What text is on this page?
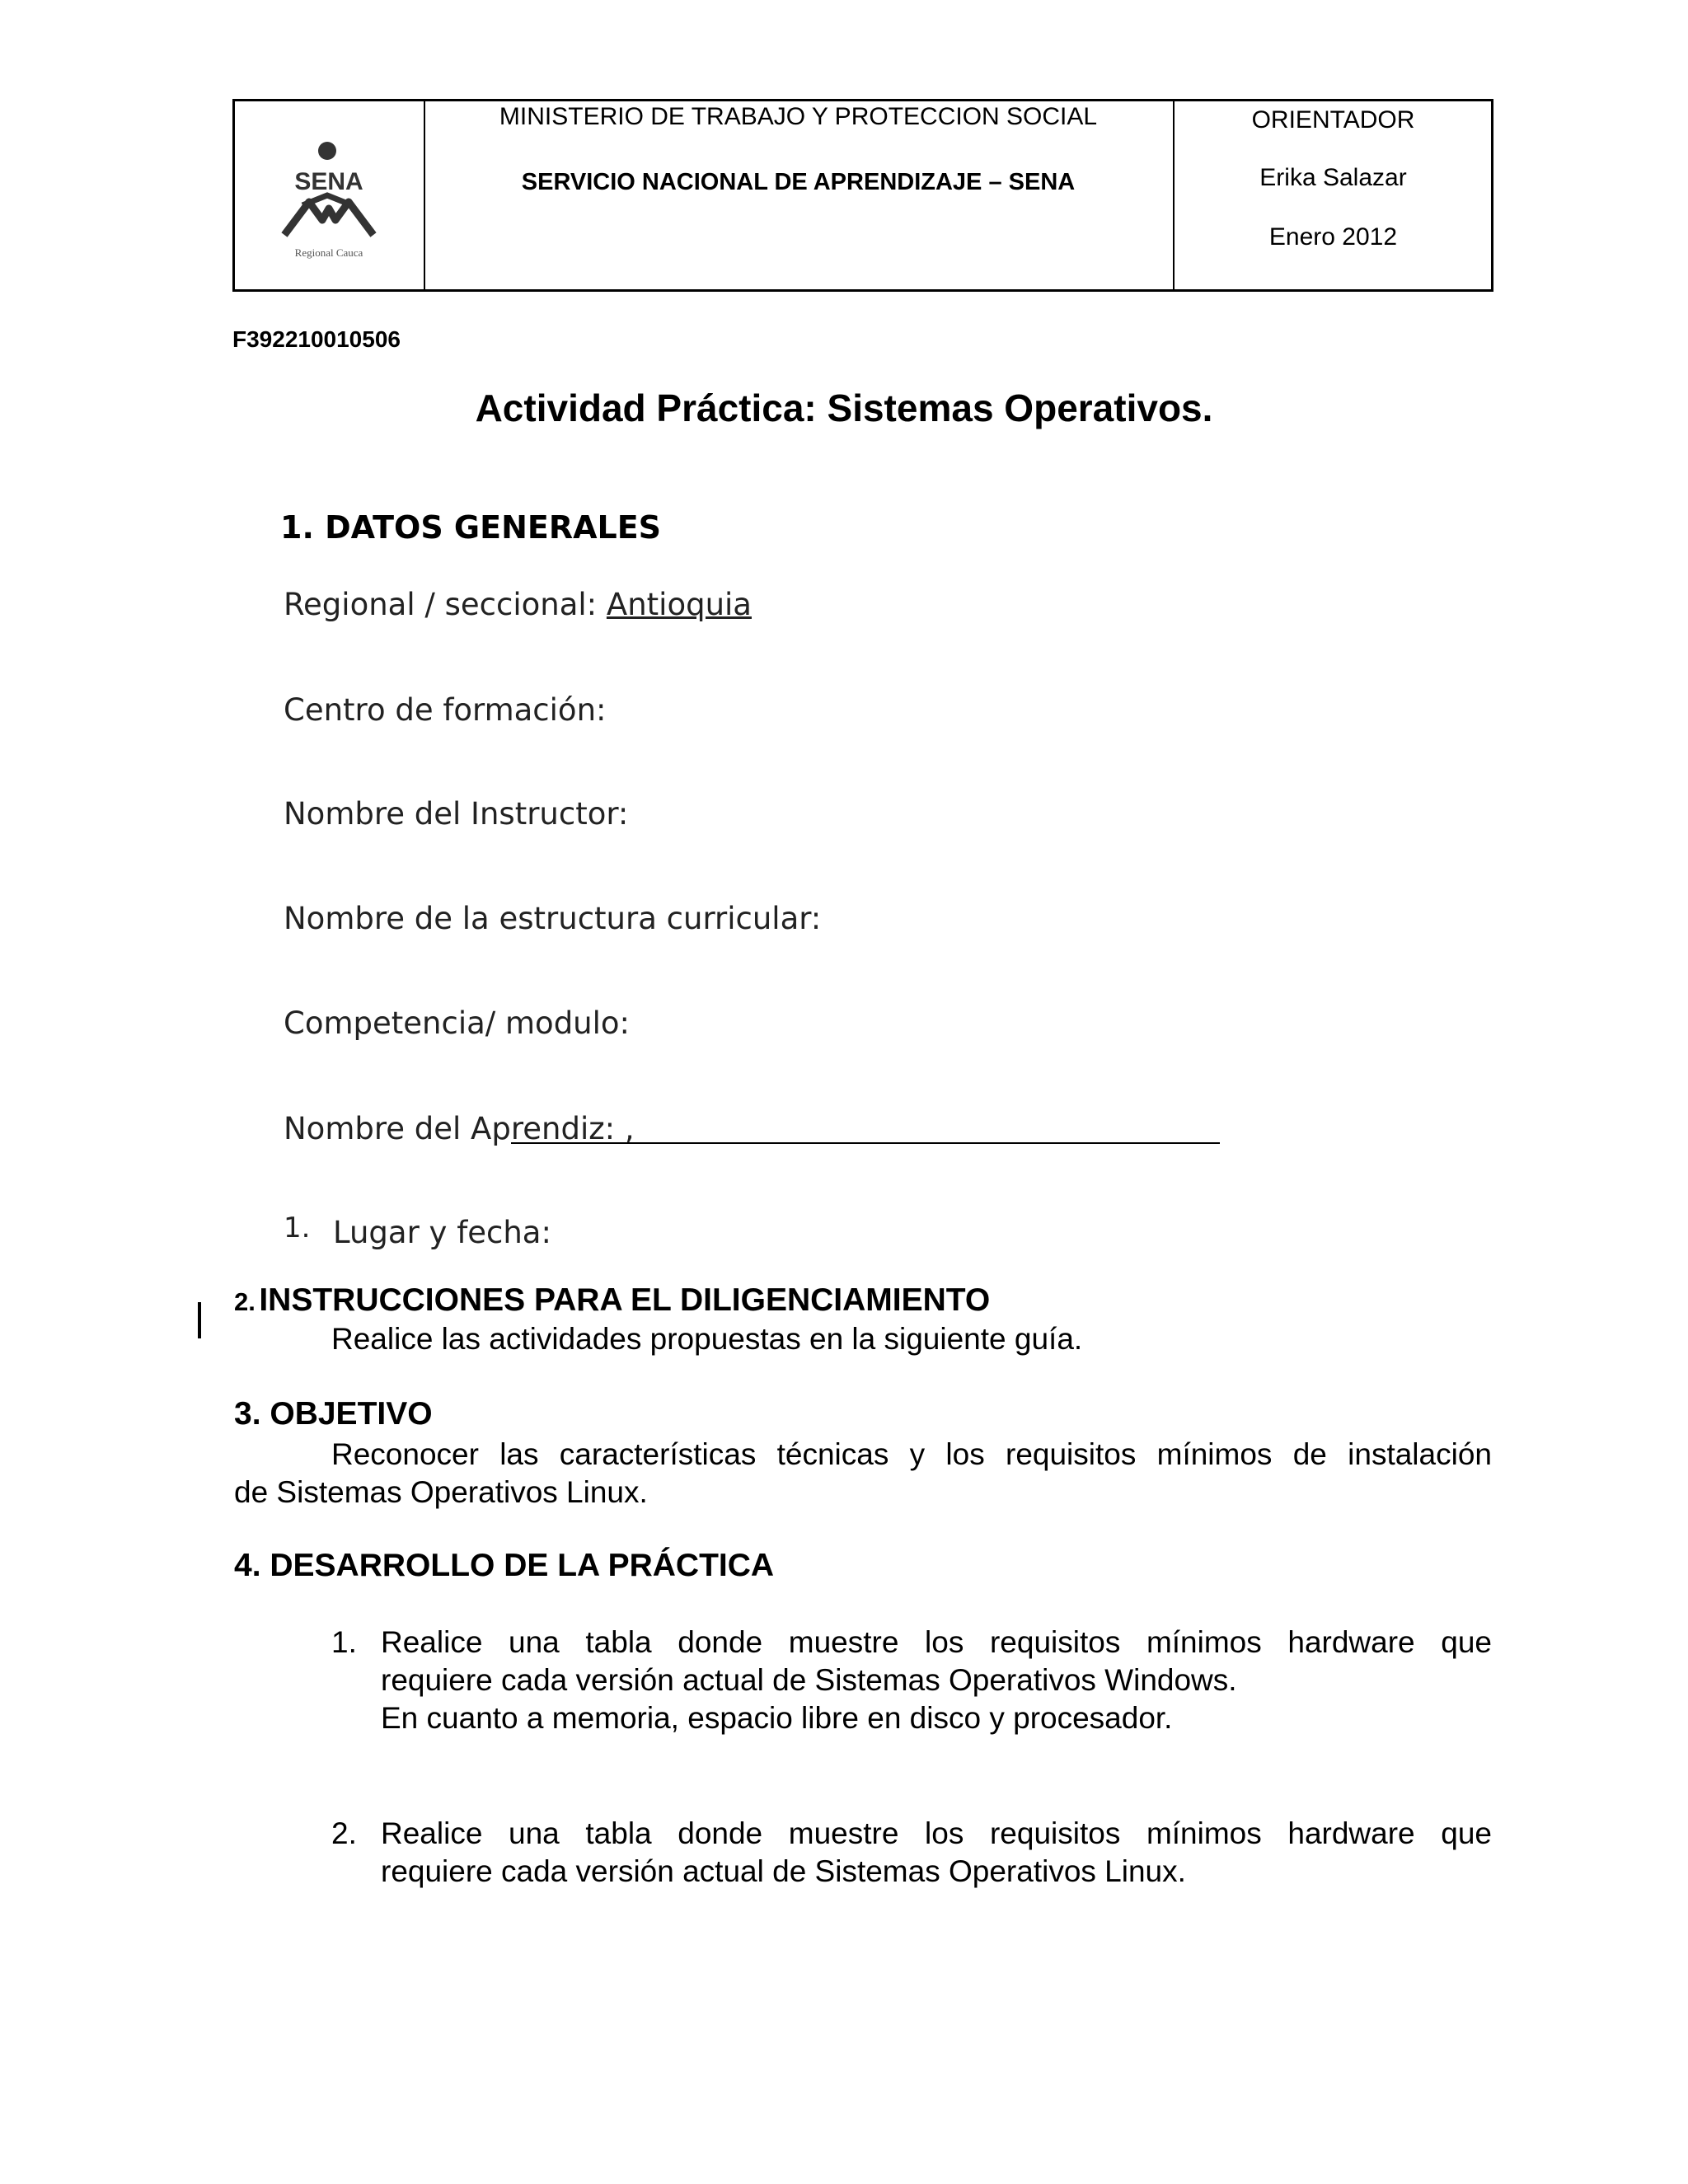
SENA
Regional Cauca
MINISTERIO DE TRABAJO Y PROTECCION SOCIAL
SERVICIO NACIONAL DE APRENDIZAJE – SENA
ORIENTADOR
Erika Salazar
Enero 2012
F392210010506
Actividad Práctica: Sistemas Operativos.
1. DATOS GENERALES
Regional / seccional: Antioquia
Centro de formación:
Nombre del Instructor:
Nombre de la estructura curricular:
Competencia/ modulo:
Nombre del Aprendiz: ,
1. Lugar y fecha:
2. INSTRUCCIONES PARA EL DILIGENCIAMIENTO
Realice las actividades propuestas en la siguiente guía.
3. OBJETIVO
Reconocer las características técnicas y los requisitos mínimos de instalación
de Sistemas Operativos Linux.
4. DESARROLLO DE LA PRÁCTICA
1. Realice una tabla donde muestre los requisitos mínimos hardware que
requiere cada versión actual de Sistemas Operativos Windows.
En cuanto a memoria, espacio libre en disco y procesador.
2. Realice una tabla donde muestre los requisitos mínimos hardware que
requiere cada versión actual de Sistemas Operativos Linux.
